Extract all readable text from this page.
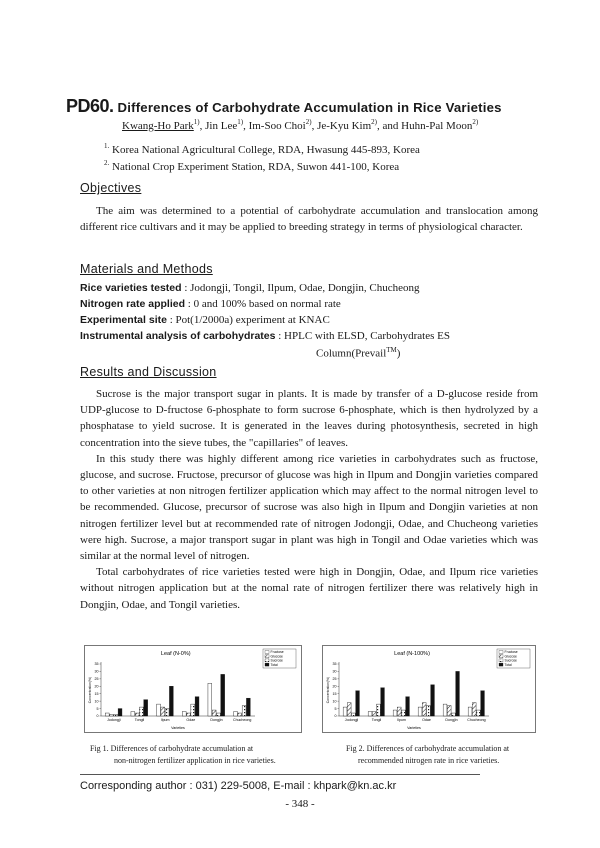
PD60. Differences of Carbohydrate Accumulation in Rice Varieties
Kwang-Ho Park$^{1)}$, Jin Lee$^{1)}$, Im-Soo Choi$^{2)}$, Je-Kyu Kim$^{2)}$, and Huhn-Pal Moon$^{2)}$
$^{1.}$ Korea National Agricultural College, RDA, Hwasung 445-893, Korea
$^{2.}$ National Crop Experiment Station, RDA, Suwon 441-100, Korea
Objectives

The aim was determined to a potential of carbohydrate accumulation and translocation among different rice cultivars and it may be applied to breeding strategy in terms of physiological character.

Materials and Methods
Rice varieties tested : Jodongji, Tongil, Ilpum, Odae, Dongjin, Chucheong
Nitrogen rate applied : 0 and 100% based on normal rate
Experimental site : Pot(1/2000a) experiment at KNAC
Instrumental analysis of carbohydrates : HPLC with ELSD, Carbohydrates ES
Column(Prevail™)
Results and Discussion

Sucrose is the major transport sugar in plants. It is made by transfer of a D-glucose reside from UDP-glucose to D-fructose 6-phosphate to form sucrose 6-phosphate, which is then hydrolyzed by a phosphatase to yield sucrose. It is generated in the leaves during photosynthesis, secreted in high concentration into the sieve tubes, the "capillaries" of leaves.

In this study there was highly different among rice varieties in carbohydrates such as fructose, glucose, and sucrose. Fructose, precursor of glucose was high in Ilpum and Dongjin varieties compared to other varieties at non nitrogen fertilizer application which may affect to the normal nitrogen level to be recommended. Glucose, precursor of sucrose was also high in Ilpum and Dongjin varieties at non nitrogen fertilizer level but at recommended rate of nitrogen Jodongji, Odae, and Chucheong varieties were high. Sucrose, a major transport sugar in plant was high in Tongil and Odae varieties which was similar at the normal level of nitrogen.

Total carbohydrates of rice varieties tested were high in Dongjin, Odae, and Ilpum rice varieties without nitrogen application but at the nomal rate of nitrogen fertilizer there was relatively high in Dongjin, Odae, and Tongil varieties.

Leaf (N-0%)	Fructose
Glucose
Sucrose
Total
0
5
10
15
20
25
30
35
Concentration(%)
Jodongji	Tongil	Ilpum	Odae	Dongjin	Chucheong
Varieties
Fig 1. Differences of carbohydrate accumulation at
non-nitrogen fertilizer application in rice varieties.
Leaf (N-100%)	Fructose
Glucose
Sucrose
Total
0
5
10
15
20
25
30
35
Concentration(%)
Jodongji	Tongil	Ilpum	Odae	Dongjin	Chucheong
Varieties
Fig 2. Differences of carbohydrate accumulation at
recommended nitrogen rate in rice varieties.
Corresponding author : 031) 229-5008, E-mail : khpark@kn.ac.kr
- 348 -
